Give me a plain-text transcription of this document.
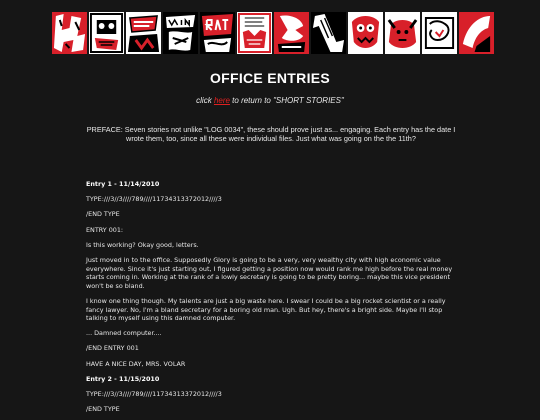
OFFICE ENTRIES
click here to return to "SHORT STORIES"
PREFACE: Seven stories not unlike "LOG 0034", these should prove just as... engaging. Each entry has the date I wrote them, too, since all these were individual files. Just what was going on the the 11th?

Entry 1 - 11/14/2010

TYPE:///3//3////789////11734313372012////3

/END TYPE

ENTRY 001:

Is this working? Okay good, letters.

Just moved in to the office. Supposedly Glory is going to be a very, very wealthy city with high economic value everywhere. Since it's just starting out, I figured getting a position now would rank me high before the real money starts coming in. Working at the rank of a lowly secretary is going to be pretty boring... maybe this vice president won't be so bland.

I know one thing though. My talents are just a big waste here. I swear I could be a big rocket scientist or a really fancy lawyer. No, I'm a bland secretary for a boring old man. Ugh. But hey, there's a bright side. Maybe I'll stop talking to myself using this damned computer.

... Damned computer....

/END ENTRY 001

HAVE A NICE DAY, MRS. VOLAR

Entry 2 - 11/15/2010

TYPE:///3//3////789////11734313372012////3

/END TYPE
